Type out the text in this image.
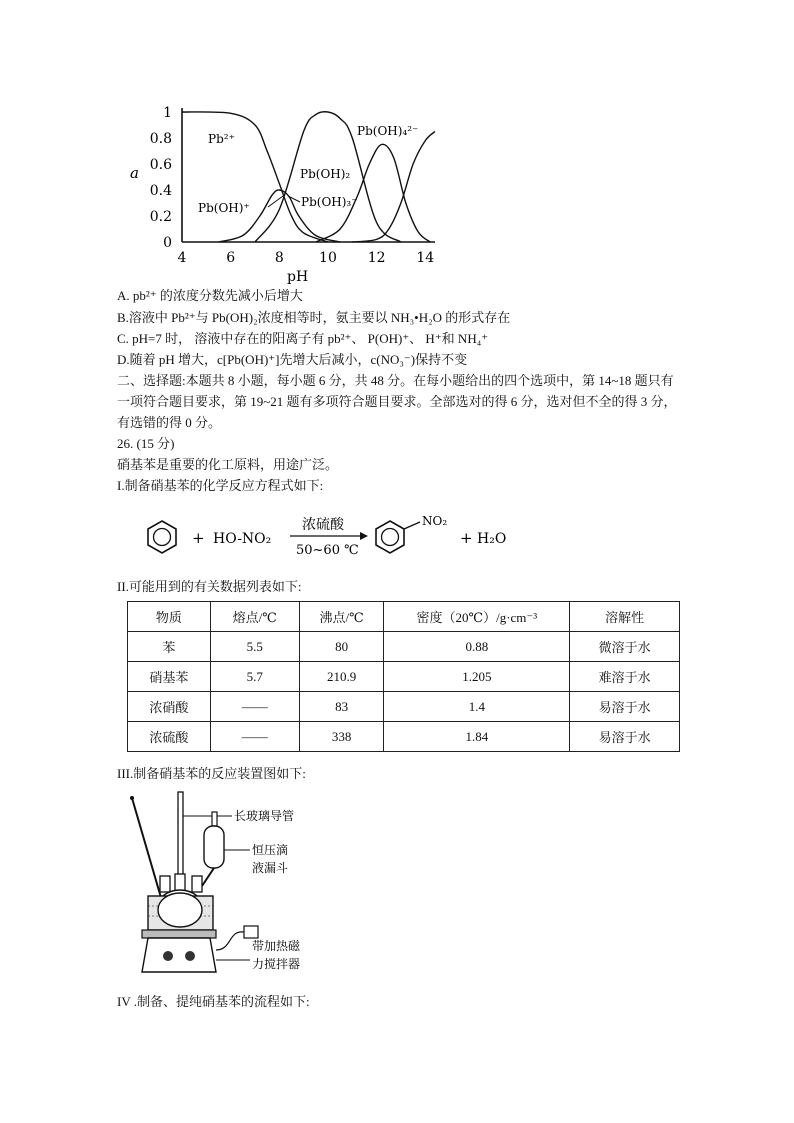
0
0.2
0.4
0.6
0.8
1
4	6	8	10 12 14
a
pH
Pb²⁺
Pb(OH)₂
Pb(OH)₄²⁻
Pb(OH)⁺	Pb(OH)₃⁻
A. pb²⁺ 的浓度分数先减小后增大
B.溶液中 Pb²⁺与 Pb(OH)₂浓度相等时，氨主要以 NH₃•H₂O 的形式存在
C. pH=7 时， 溶液中存在的阳离子有 pb²⁺、 P(OH)⁺、 H⁺和 NH₄⁺
D.随着 pH 增大，c[Pb(OH)⁺]先增大后减小，c(NO₃⁻)保持不变
二、选择题:本题共 8 小题，每小题 6 分，共 48 分。在每小题给出的四个选项中，第 14~18 题只有一项符合题目要求，第 19~21 题有多项符合题目要求。全部选对的得 6 分，选对但不全的得 3 分，有选错的得 0 分。
26. (15 分)
硝基苯是重要的化工原料，用途广泛。
I.制备硝基苯的化学反应方程式如下:
+ HO-NO₂
浓硫酸
50~60 ℃
NO₂
+ H₂O
II.可能用到的有关数据列表如下:
物质	熔点/℃	沸点/℃	密度（20℃）/g·cm⁻³	溶解性
苯	5.5	80	0.88	微溶于水
硝基苯	5.7	210.9	1.205	难溶于水
浓硝酸	——	83	1.4	易溶于水
浓硫酸	——	338	1.84	易溶于水
III.制备硝基苯的反应装置图如下:
长玻璃导管
恒压滴
液漏斗
带加热磁
力搅拌器
IV .制备、提纯硝基苯的流程如下:
